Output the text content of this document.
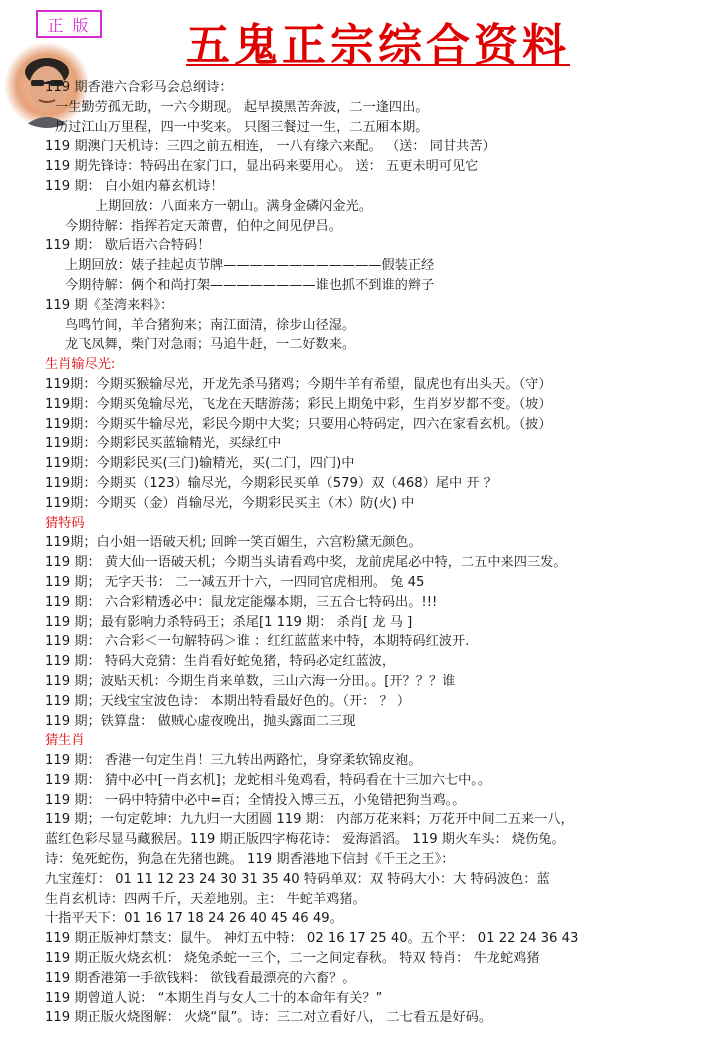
正 版 五鬼正宗综合资料
119 期香港六合彩马会总纲诗：
一生勤劳孤无助，一六今期现。 起早摸黑苦奔波，二一逢四出。
历过江山万里程，四一中奖来。 只图三餐过一生，二五厢本期。
119 期澳门天机诗：三四之前五相连， 一八有缘六来配。 （送： 同甘共苦）
119 期先锋诗：特码出在家门口，显出码来要用心。 送： 五更未明可见它
119 期： 白小姐内幕玄机诗！
上期回放：八面来方一朝山。满身金磷闪金光。
今期待解：指挥若定天萧曹，伯仲之间见伊吕。
119 期： 歇后语六合特码！
上期回放：婊子挂起贞节牌————————————假装正经
今期待解：俩个和尚打架————————谁也抓不到谁的辫子
119 期《荃湾来料》：
鸟鸣竹间，羊合猪狗来；南江面清，徐步山径湿。
龙飞凤舞，柴门对急雨；马追牛赶，一二好数来。
生肖输尽光:
119期：今期买猴输尽光，开龙先杀马猪鸡；今期牛羊有希望，鼠虎也有出头天。（守）
119期：今期买兔输尽光，飞龙在天瞎游荡；彩民上期兔中彩，生肖岁岁都不变。（坡）
119期：今期买牛输尽光，彩民今期中大奖；只要用心特码定，四六在家看玄机。（披）
119期：今期彩民买蓝输精光，买绿红中
119期：今期彩民买(三门)输精光，买(二门，四门)中
119期：今期买（123）输尽光，今期彩民买单（579）双（468）尾中 开 ？
119期：今期买（金）肖输尽光，今期彩民买主（木）防(火) 中
猜特码
119期；白小姐一语破天机; 回眸一笑百媚生，六宫粉黛无颜色。
119 期： 黄大仙一语破天机；今期当头请看鸡中奖，龙前虎尾必中特，二五中来四三发。
119 期； 无字天书： 二一减五开十六，一四同官虎相刑。 兔 45
119 期： 六合彩精透必中：鼠龙定能爆本期，三五合七特码出。!!!
119 期；最有影响力杀特码王；杀尾[1 119 期： 杀肖[ 龙 马 ]
119 期： 六合彩＜一句解特码＞谁 ：红红蓝蓝来中特，本期特码红波开.
119 期： 特码大竞猜：生肖看好蛇兔猪，特码必定红蓝波，
119 期；波贴天机：今期生肖来单数，三山六海一分田。。[开？？？谁
119 期；天线宝宝波色诗： 本期出特看最好色的。（开： ？ ）
119 期；铁算盘： 做贼心虚夜晚出，抛头露面二三现
猜生肖
119 期： 香港一句定生肖！三九转出两路忙，身穿柔软锦皮袍。
119 期： 猜中必中[一肖玄机]；龙蛇相斗兔鸡看，特码看在十三加六七中。。
119 期： 一码中特猜中必中=百；全情投入博三五，小兔错把狗当鸡。。
119 期；一句定乾坤：九九归一大团圆 119 期： 内部万花来料；万花开中间二五来一八，
蓝红色彩尽显马藏猴居。119 期正版四字梅花诗： 爱海滔滔。 119 期火车头： 烧伤兔。
诗：兔死蛇伤，狗急在先猪也跳。 119 期香港地下信封《千王之王》：
九宝莲灯： 01 11 12 23 24 30 31 35 40 特码单双：双 特码大小：大 特码波色：蓝
生肖玄机诗：四两千斤，天差地别。主： 牛蛇羊鸡猪。
十指平天下：01 16 17 18 24 26 40 45 46 49。
119 期正版神灯禁支：鼠牛。 神灯五中特： 02 16 17 25 40。五个平： 01 22 24 36 43
119 期正版火烧玄机： 烧兔杀蛇一三个，二一之间定春秋。 特双 特肖： 牛龙蛇鸡猪
119 期香港第一手欲钱料： 欲钱看最漂亮的六畜？。
119 期曾道人说： “本期生肖与女人二十的本命年有关？”
119 期正版火烧图解： 火烧“鼠”。诗：三二对立看好八， 二七看五是好码。
